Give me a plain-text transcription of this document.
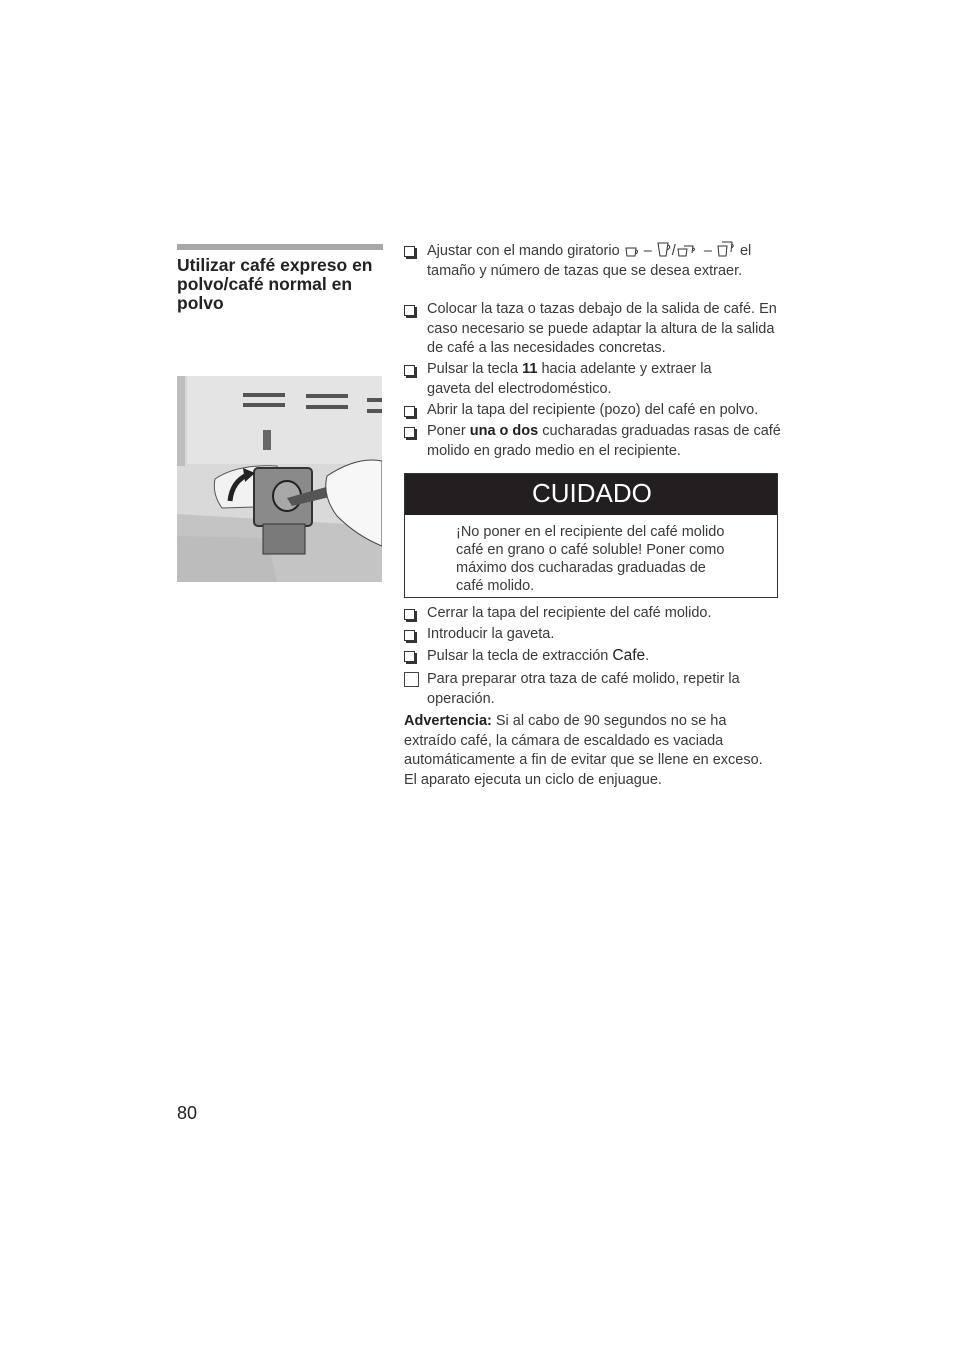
Utilizar café expreso en polvo/café normal en polvo
Ajustar con el mando giratorio  – / –  el tamaño y número de tazas que se desea extraer.
Colocar la taza o tazas debajo de la salida de café. En caso necesario se puede adaptar la altura de la salida de café a las necesidades concretas.
Pulsar la tecla 11 hacia adelante y extraer la gaveta del electrodoméstico.
Abrir la tapa del recipiente (pozo) del café en polvo.
Poner una o dos cucharadas graduadas rasas de café molido en grado medio en el recipiente.
CUIDADO
¡No poner en el recipiente del café molido café en grano o café soluble! Poner como máximo dos cucharadas graduadas de café molido.
Cerrar la tapa del recipiente del café molido.
Introducir la gaveta.
Pulsar la tecla de extracción Cafe.
Para preparar otra taza de café molido, repetir la operación.
Advertencia: Si al cabo de 90 segundos no se ha extraído café, la cámara de escaldado es vaciada automáticamente a fin de evitar que se llene en exceso. El aparato ejecuta un ciclo de enjuague.
80
